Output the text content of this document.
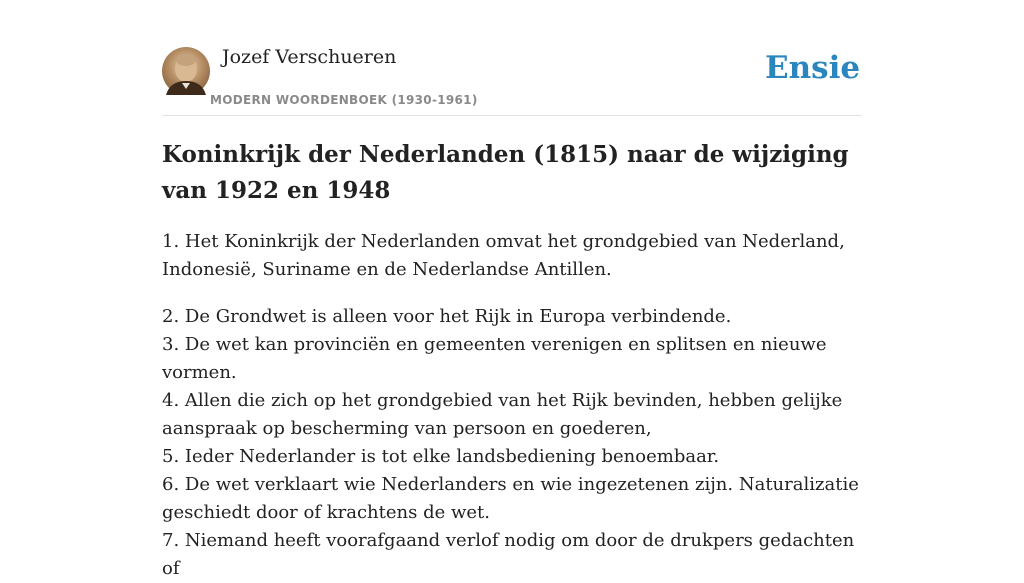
Jozef Verschueren
MODERN WOORDENBOEK (1930-1961)
Ensie
Koninkrijk der Nederlanden (1815) naar de wijziging van 1922 en 1948

1. Het Koninkrijk der Nederlanden omvat het grondgebied van Nederland, Indonesië, Suriname en de Nederlandse Antillen.

2. De Grondwet is alleen voor het Rijk in Europa verbindende.
3. De wet kan provinciën en gemeenten verenigen en splitsen en nieuwe vormen.
4. Allen die zich op het grondgebied van het Rijk bevinden, hebben gelijke aanspraak op bescherming van persoon en goederen,
5. Ieder Nederlander is tot elke landsbediening benoembaar.
6. De wet verklaart wie Nederlanders en wie ingezetenen zijn. Naturalizatie geschiedt door of krachtens de wet.
7. Niemand heeft voorafgaand verlof nodig om door de drukpers gedachten of
